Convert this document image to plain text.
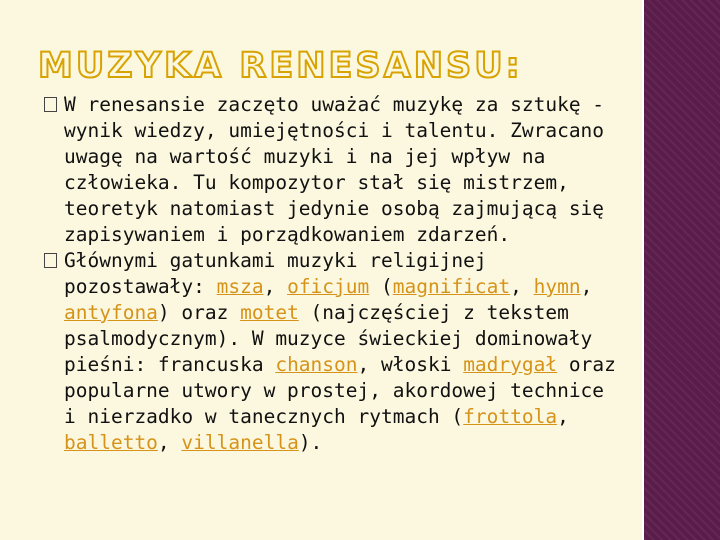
MUZYKA RENESANSU:

W renesansie zaczęto uważać muzykę za sztukę - wynik wiedzy, umiejętności i talentu. Zwracano uwagę na wartość muzyki i na jej wpływ na człowieka. Tu kompozytor stał się mistrzem, teoretyk natomiast jedynie osobą zajmującą się zapisywaniem i porządkowaniem zdarzeń.

Głównymi gatunkami muzyki religijnej pozostawały: msza, oficjum (magnificat, hymn, antyfona) oraz motet (najczęściej z tekstem psalmodycznym). W muzyce świeckiej dominowały pieśni: francuska chanson, włoski madrygał oraz popularne utwory w prostej, akordowej technice i nierzadko w tanecznych rytmach (frottola, balletto, villanella).
